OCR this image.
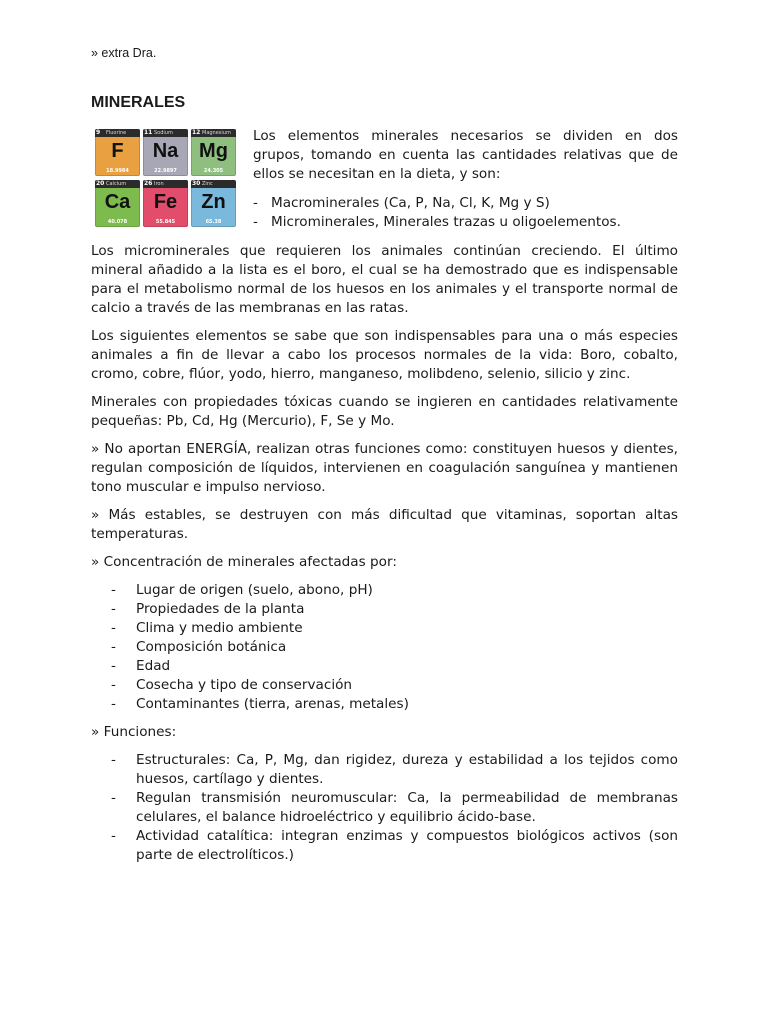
» extra Dra.
MINERALES
9 Fluorine
F
18.9984
11 Sodium
Na
22.9897
12 Magnesium
Mg
24.305
20 Calcium
Ca
40.078
26 Iron
Fe
55.845
30 Zinc
Zn
65.38

Los elementos minerales necesarios se dividen en dos grupos, tomando en cuenta las cantidades relativas que de ellos se necesitan en la dieta, y son:

- Macrominerales (Ca, P, Na, Cl, K, Mg y S)
- Microminerales, Minerales trazas u oligoelementos.

Los microminerales que requieren los animales continúan creciendo. El último mineral añadido a la lista es el boro, el cual se ha demostrado que es indispensable para el metabolismo normal de los huesos en los animales y el transporte normal de calcio a través de las membranas en las ratas.

Los siguientes elementos se sabe que son indispensables para una o más especies animales a fin de llevar a cabo los procesos normales de la vida: Boro, cobalto, cromo, cobre, flúor, yodo, hierro, manganeso, molibdeno, selenio, silicio y zinc.

Minerales con propiedades tóxicas cuando se ingieren en cantidades relativamente pequeñas: Pb, Cd, Hg (Mercurio), F, Se y Mo.

» No aportan ENERGÍA, realizan otras funciones como: constituyen huesos y dientes, regulan composición de líquidos, intervienen en coagulación sanguínea y mantienen tono muscular e impulso nervioso.

» Más estables, se destruyen con más dificultad que vitaminas, soportan altas temperaturas.

» Concentración de minerales afectadas por:

- Lugar de origen (suelo, abono, pH)
- Propiedades de la planta
- Clima y medio ambiente
- Composición botánica
- Edad
- Cosecha y tipo de conservación
- Contaminantes (tierra, arenas, metales)

» Funciones:

- Estructurales: Ca, P, Mg, dan rigidez, dureza y estabilidad a los tejidos como huesos, cartílago y dientes.
- Regulan transmisión neuromuscular: Ca, la permeabilidad de membranas celulares, el balance hidroeléctrico y equilibrio ácido-base.
- Actividad catalítica: integran enzimas y compuestos biológicos activos (son parte de electrolíticos.)
